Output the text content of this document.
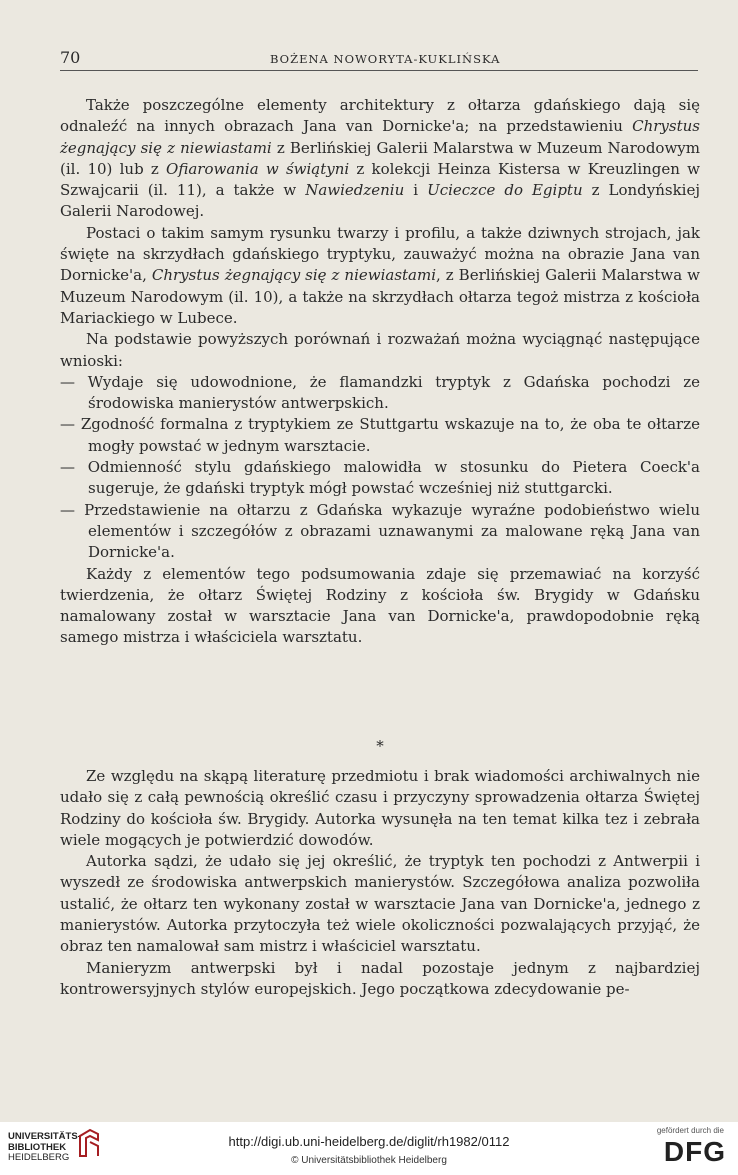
70	BOŻENA NOWORYTA-KUKLIŃSKA

Także poszczególne elementy architektury z ołtarza gdańskiego dają się odnaleźć na innych obrazach Jana van Dornicke'a; na przedstawieniu Chrystus żegnający się z niewiastami z Berlińskiej Galerii Malarstwa w Muzeum Narodowym (il. 10) lub z Ofiarowania w świątyni z kolekcji Heinza Kistersa w Kreuzlingen w Szwajcarii (il. 11), a także w Nawiedzeniu i Ucieczce do Egiptu z Londyńskiej Galerii Narodowej.

Postaci o takim samym rysunku twarzy i profilu, a także dziwnych strojach, jak święte na skrzydłach gdańskiego tryptyku, zauważyć można na obrazie Jana van Dornicke'a, Chrystus żegnający się z niewiastami, z Berlińskiej Galerii Malarstwa w Muzeum Narodowym (il. 10), a także na skrzydłach ołtarza tegoż mistrza z kościoła Mariackiego w Lubece.

Na podstawie powyższych porównań i rozważań można wyciągnąć następujące wnioski:

— Wydaje się udowodnione, że flamandzki tryptyk z Gdańska pochodzi ze środowiska manierystów antwerpskich.

— Zgodność formalna z tryptykiem ze Stuttgartu wskazuje na to, że oba te ołtarze mogły powstać w jednym warsztacie.

— Odmienność stylu gdańskiego malowidła w stosunku do Pietera Coeck'a sugeruje, że gdański tryptyk mógł powstać wcześniej niż stuttgarcki.

— Przedstawienie na ołtarzu z Gdańska wykazuje wyraźne podobieństwo wielu elementów i szczegółów z obrazami uznawanymi za malowane ręką Jana van Dornicke'a.

Każdy z elementów tego podsumowania zdaje się przemawiać na korzyść twierdzenia, że ołtarz Świętej Rodziny z kościoła św. Brygidy w Gdańsku namalowany został w warsztacie Jana van Dornicke'a, prawdopodobnie ręką samego mistrza i właściciela warsztatu.

*

Ze względu na skąpą literaturę przedmiotu i brak wiadomości archiwalnych nie udało się z całą pewnością określić czasu i przyczyny sprowadzenia ołtarza Świętej Rodziny do kościoła św. Brygidy. Autorka wysunęła na ten temat kilka tez i zebrała wiele mogących je potwierdzić dowodów.

Autorka sądzi, że udało się jej określić, że tryptyk ten pochodzi z Antwerpii i wyszedł ze środowiska antwerpskich manierystów. Szczegółowa analiza pozwoliła ustalić, że ołtarz ten wykonany został w warsztacie Jana van Dornicke'a, jednego z manierystów. Autorka przytoczyła też wiele okoliczności pozwalających przyjąć, że obraz ten namalował sam mistrz i właściciel warsztatu.

Manieryzm antwerpski był i nadal pozostaje jednym z najbardziej kontrowersyjnych stylów europejskich. Jego początkowa zdecydowanie pe-

UNIVERSITÄTS-
BIBLIOTHEK
HEIDELBERG
http://digi.ub.uni-heidelberg.de/diglit/rh1982/0112
© Universitätsbibliothek Heidelberg
gefördert durch die
DFG
